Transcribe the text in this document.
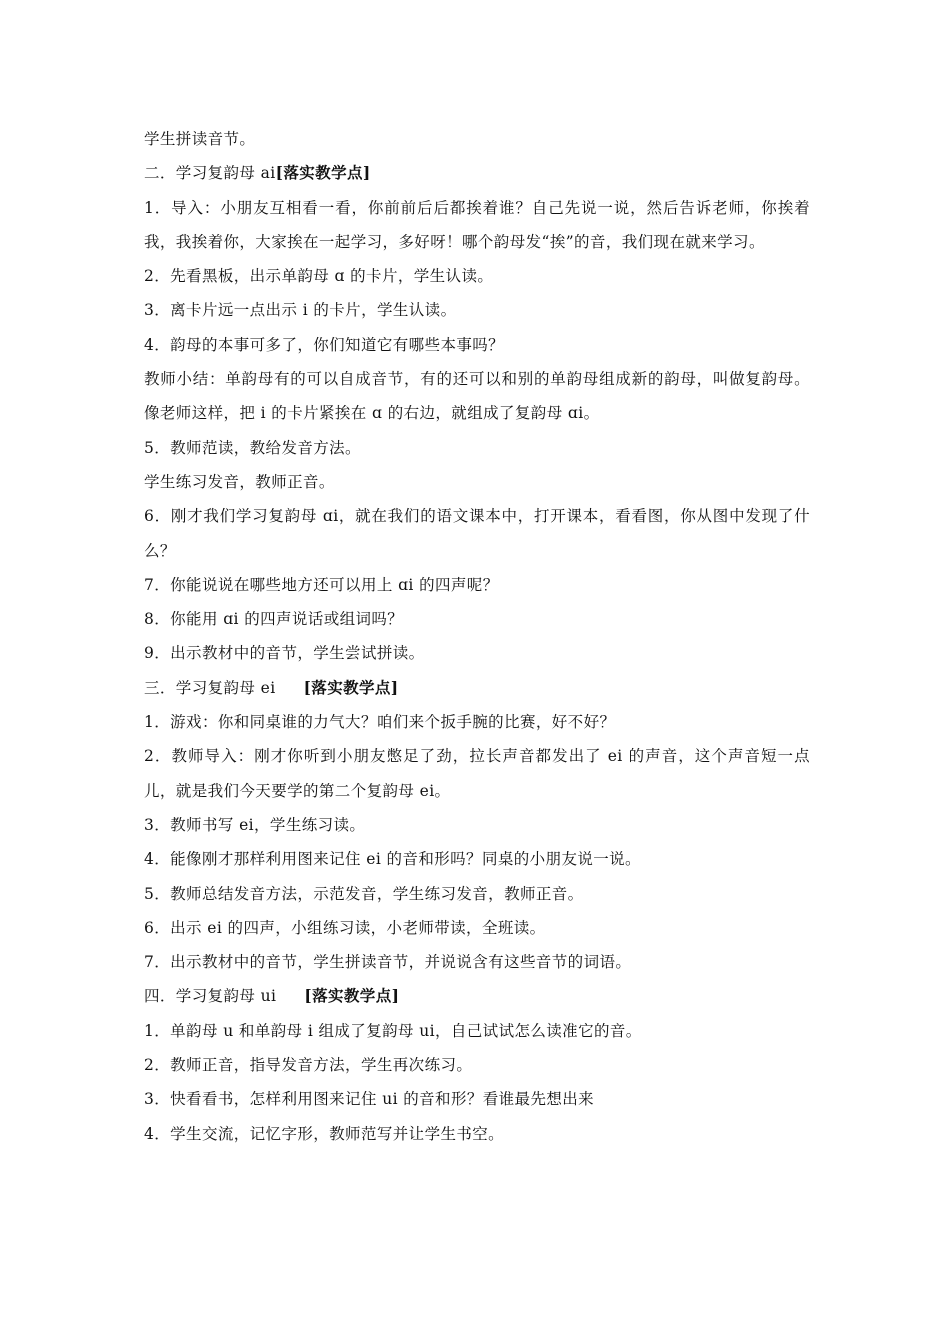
学生拼读音节。
二．学习复韵母 ai[落实教学点]
1．导入：小朋友互相看一看，你前前后后都挨着谁？自己先说一说，然后告诉老师，你挨着我，我挨着你，大家挨在一起学习，多好呀！哪个韵母发“挨”的音，我们现在就来学习。
2．先看黑板，出示单韵母 ɑ 的卡片，学生认读。
3．离卡片远一点出示 i 的卡片，学生认读。
4．韵母的本事可多了，你们知道它有哪些本事吗？
教师小结：单韵母有的可以自成音节，有的还可以和别的单韵母组成新的韵母，叫做复韵母。像老师这样，把 i 的卡片紧挨在 ɑ 的右边，就组成了复韵母 ɑi。
5．教师范读，教给发音方法。
学生练习发音，教师正音。
6．刚才我们学习复韵母 ɑi，就在我们的语文课本中，打开课本，看看图，你从图中发现了什么？
7．你能说说在哪些地方还可以用上 ɑi 的四声呢？
8．你能用 ɑi 的四声说话或组词吗？
9．出示教材中的音节，学生尝试拼读。
三．学习复韵母 ei [落实教学点]
1．游戏：你和同桌谁的力气大？咱们来个扳手腕的比赛，好不好？
2．教师导入：刚才你听到小朋友憋足了劲，拉长声音都发出了 ei 的声音，这个声音短一点儿，就是我们今天要学的第二个复韵母 ei。
3．教师书写 ei，学生练习读。
4．能像刚才那样利用图来记住 ei 的音和形吗？同桌的小朋友说一说。
5．教师总结发音方法，示范发音，学生练习发音，教师正音。
6．出示 ei 的四声，小组练习读，小老师带读，全班读。
7．出示教材中的音节，学生拼读音节，并说说含有这些音节的词语。
四．学习复韵母 ui [落实教学点]
1．单韵母 u 和单韵母 i 组成了复韵母 ui，自己试试怎么读准它的音。
2．教师正音，指导发音方法，学生再次练习。
3．快看看书，怎样利用图来记住 ui 的音和形？看谁最先想出来
4．学生交流，记忆字形，教师范写并让学生书空。
